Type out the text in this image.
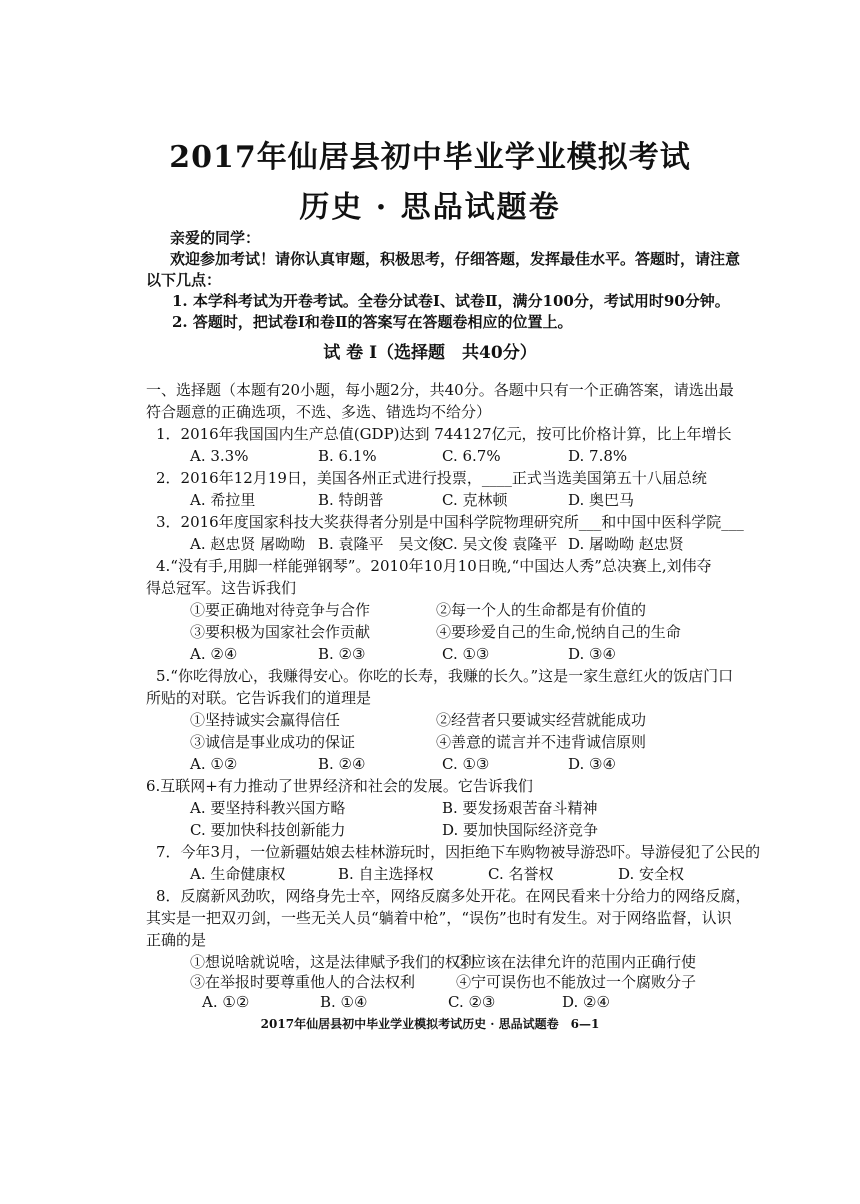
2017年仙居县初中毕业学业模拟考试
历史 · 思品试题卷
亲爱的同学：
欢迎参加考试！请你认真审题，积极思考，仔细答题，发挥最佳水平。答题时，请注意
以下几点：
1. 本学科考试为开卷考试。全卷分试卷Ⅰ、试卷Ⅱ，满分100分，考试用时90分钟。
2. 答题时，把试卷Ⅰ和卷Ⅱ的答案写在答题卷相应的位置上。
试 卷 Ⅰ（选择题　共40分）
一、选择题（本题有20小题，每小题2分，共40分。各题中只有一个正确答案，请选出最
符合题意的正确选项，不选、多选、错选均不给分）
1．2016年我国国内生产总值(GDP)达到 744127亿元，按可比价格计算，比上年增长
A. 3.3%	B. 6.1%	C. 6.7%	D. 7.8%
2．2016年12月19日，美国各州正式进行投票，____正式当选美国第五十八届总统
A. 希拉里	B. 特朗普	C. 克林顿	D. 奥巴马
3．2016年度国家科技大奖获得者分别是中国科学院物理研究所___和中国中医科学院___
A. 赵忠贤 屠呦呦 B. 袁隆平　吴文俊
C. 吴文俊 袁隆平 D. 屠呦呦 赵忠贤
4.“没有手,用脚一样能弹钢琴”。2010年10月10日晚,“中国达人秀”总决赛上,刘伟夺
得总冠军。这告诉我们
①要正确地对待竞争与合作	②每一个人的生命都是有价值的
③要积极为国家社会作贡献	④要珍爱自己的生命,悦纳自己的生命
A. ②④	B. ②③	C. ①③	D. ③④
5.“你吃得放心，我赚得安心。你吃的长寿，我赚的长久。”这是一家生意红火的饭店门口
所贴的对联。它告诉我们的道理是
①坚持诚实会赢得信任	②经营者只要诚实经营就能成功
③诚信是事业成功的保证	④善意的谎言并不违背诚信原则
A. ①②	B. ②④	C. ①③	D. ③④
6.互联网+有力推动了世界经济和社会的发展。它告诉我们
A. 要坚持科教兴国方略	B. 要发扬艰苦奋斗精神
C. 要加快科技创新能力	D. 要加快国际经济竞争
7．今年3月，一位新疆姑娘去桂林游玩时，因拒绝下车购物被导游恐吓。导游侵犯了公民的
A. 生命健康权	B. 自主选择权	C. 名誉权	D. 安全权
8．反腐新风劲吹，网络身先士卒，网络反腐多处开花。在网民看来十分给力的网络反腐，
其实是一把双刃剑，一些无关人员“躺着中枪”，“误伤”也时有发生。对于网络监督，认识
正确的是
①想说啥就说啥，这是法律赋予我们的权利
②应该在法律允许的范围内正确行使
③在举报时要尊重他人的合法权利	④宁可误伤也不能放过一个腐败分子
A. ①②	B. ①④	C. ②③	D. ②④
2017年仙居县初中毕业学业模拟考试历史 · 思品试题卷　6—1
